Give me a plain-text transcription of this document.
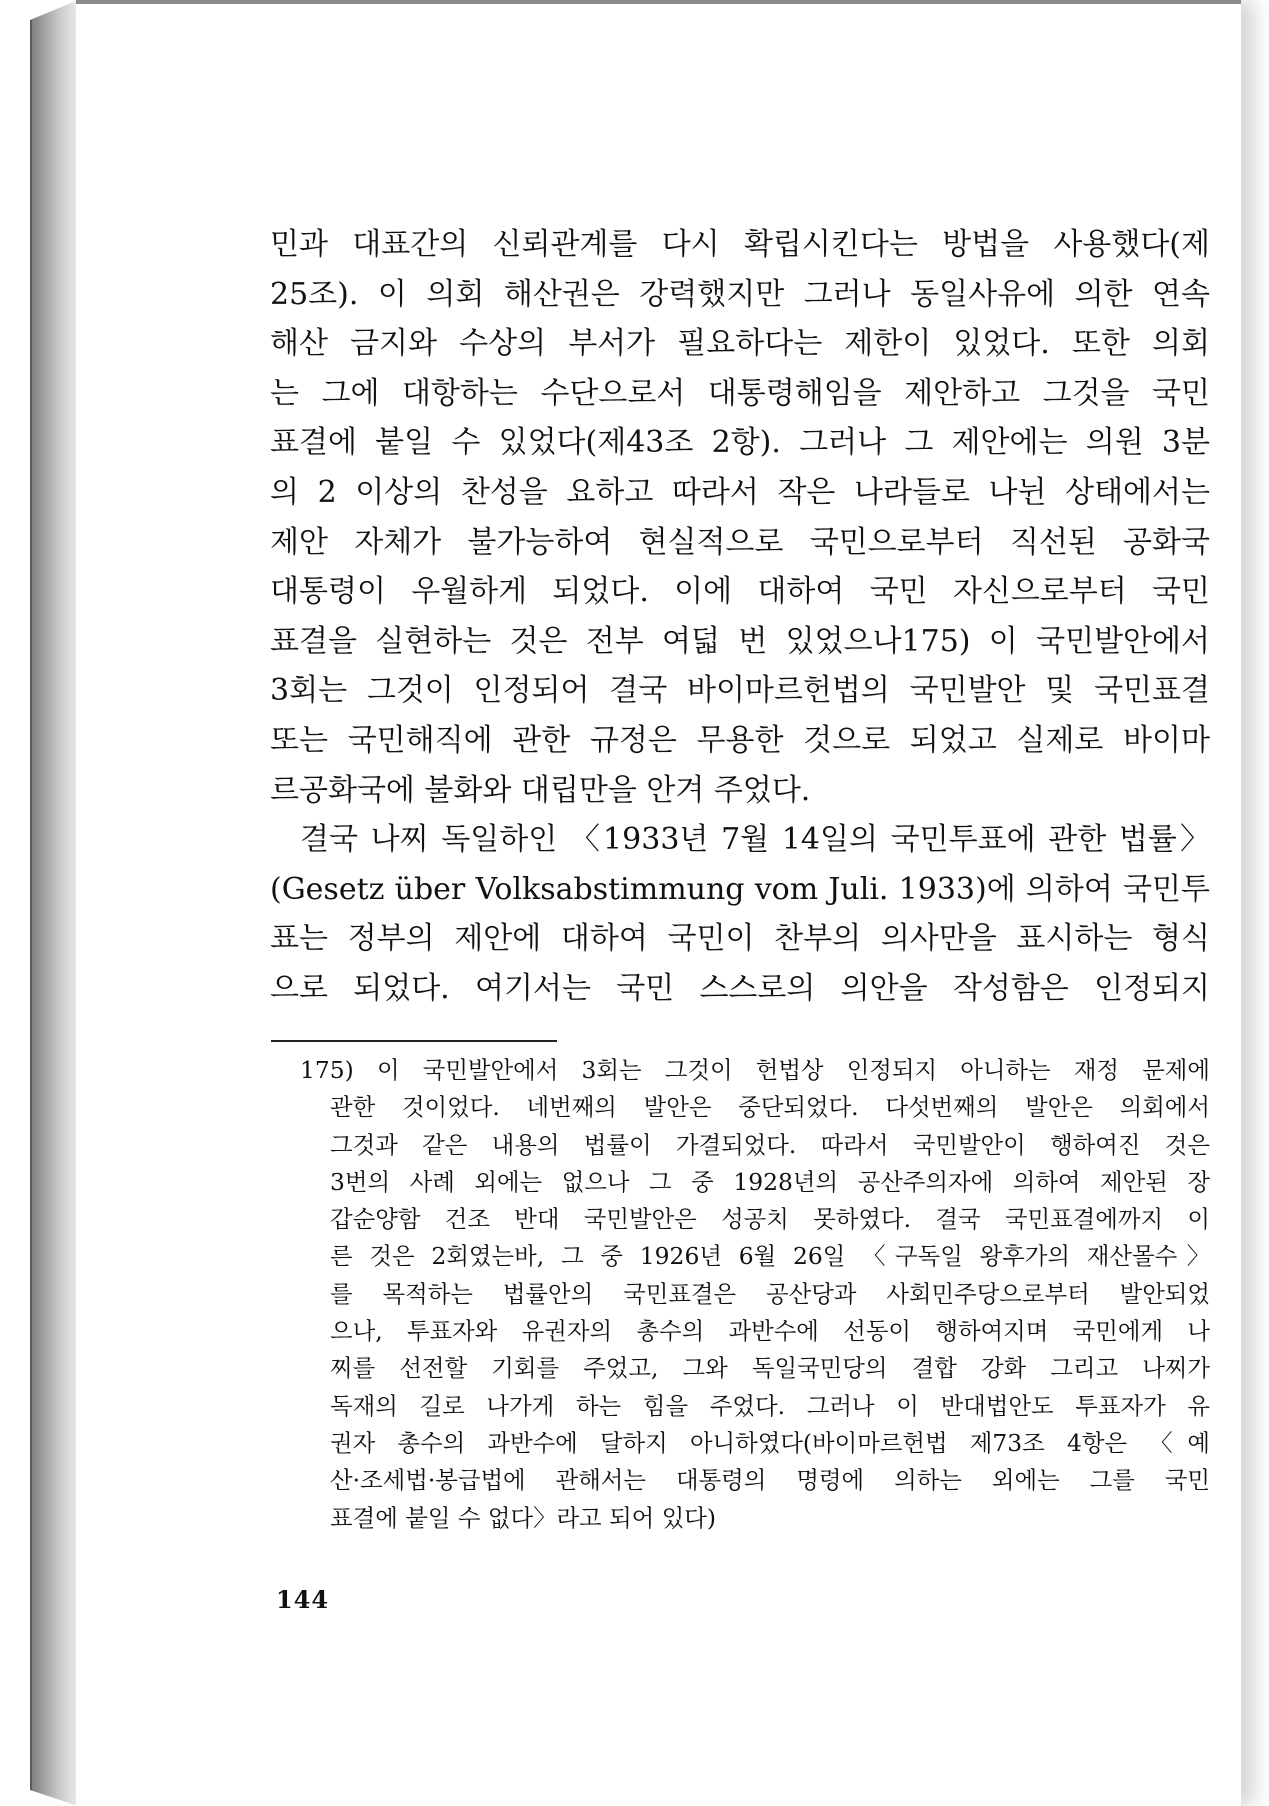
민과 대표간의 신뢰관계를 다시 확립시킨다는 방법을 사용했다(제
25조). 이 의회 해산권은 강력했지만 그러나 동일사유에 의한 연속
해산 금지와 수상의 부서가 필요하다는 제한이 있었다. 또한 의회
는 그에 대항하는 수단으로서 대통령해임을 제안하고 그것을 국민
표결에 붙일 수 있었다(제43조 2항). 그러나 그 제안에는 의원 3분
의 2 이상의 찬성을 요하고 따라서 작은 나라들로 나뉜 상태에서는
제안 자체가 불가능하여 현실적으로 국민으로부터 직선된 공화국
대통령이 우월하게 되었다. 이에 대하여 국민 자신으로부터 국민
표결을 실현하는 것은 전부 여덟 번 있었으나175) 이 국민발안에서
3회는 그것이 인정되어 결국 바이마르헌법의 국민발안 및 국민표결
또는 국민해직에 관한 규정은 무용한 것으로 되었고 실제로 바이마
르공화국에 불화와 대립만을 안겨 주었다.
결국 나찌 독일하인 〈1933년 7월 14일의 국민투표에 관한 법률〉
(Gesetz über Volksabstimmung vom Juli. 1933)에 의하여 국민투
표는 정부의 제안에 대하여 국민이 찬부의 의사만을 표시하는 형식
으로 되었다. 여기서는 국민 스스로의 의안을 작성함은 인정되지
175) 이 국민발안에서 3회는 그것이 헌법상 인정되지 아니하는 재정 문제에
관한 것이었다. 네번째의 발안은 중단되었다. 다섯번째의 발안은 의회에서
그것과 같은 내용의 법률이 가결되었다. 따라서 국민발안이 행하여진 것은
3번의 사례 외에는 없으나 그 중 1928년의 공산주의자에 의하여 제안된 장
갑순양함 건조 반대 국민발안은 성공치 못하였다. 결국 국민표결에까지 이
른 것은 2회였는바, 그 중 1926년 6월 26일 〈구독일 왕후가의 재산몰수〉
를 목적하는 법률안의 국민표결은 공산당과 사회민주당으로부터 발안되었
으나, 투표자와 유권자의 총수의 과반수에 선동이 행하여지며 국민에게 나
찌를 선전할 기회를 주었고, 그와 독일국민당의 결합 강화 그리고 나찌가
독재의 길로 나가게 하는 힘을 주었다. 그러나 이 반대법안도 투표자가 유
권자 총수의 과반수에 달하지 아니하였다(바이마르헌법 제73조 4항은 〈예
산·조세법·봉급법에 관해서는 대통령의 명령에 의하는 외에는 그를 국민
표결에 붙일 수 없다〉라고 되어 있다)
144
